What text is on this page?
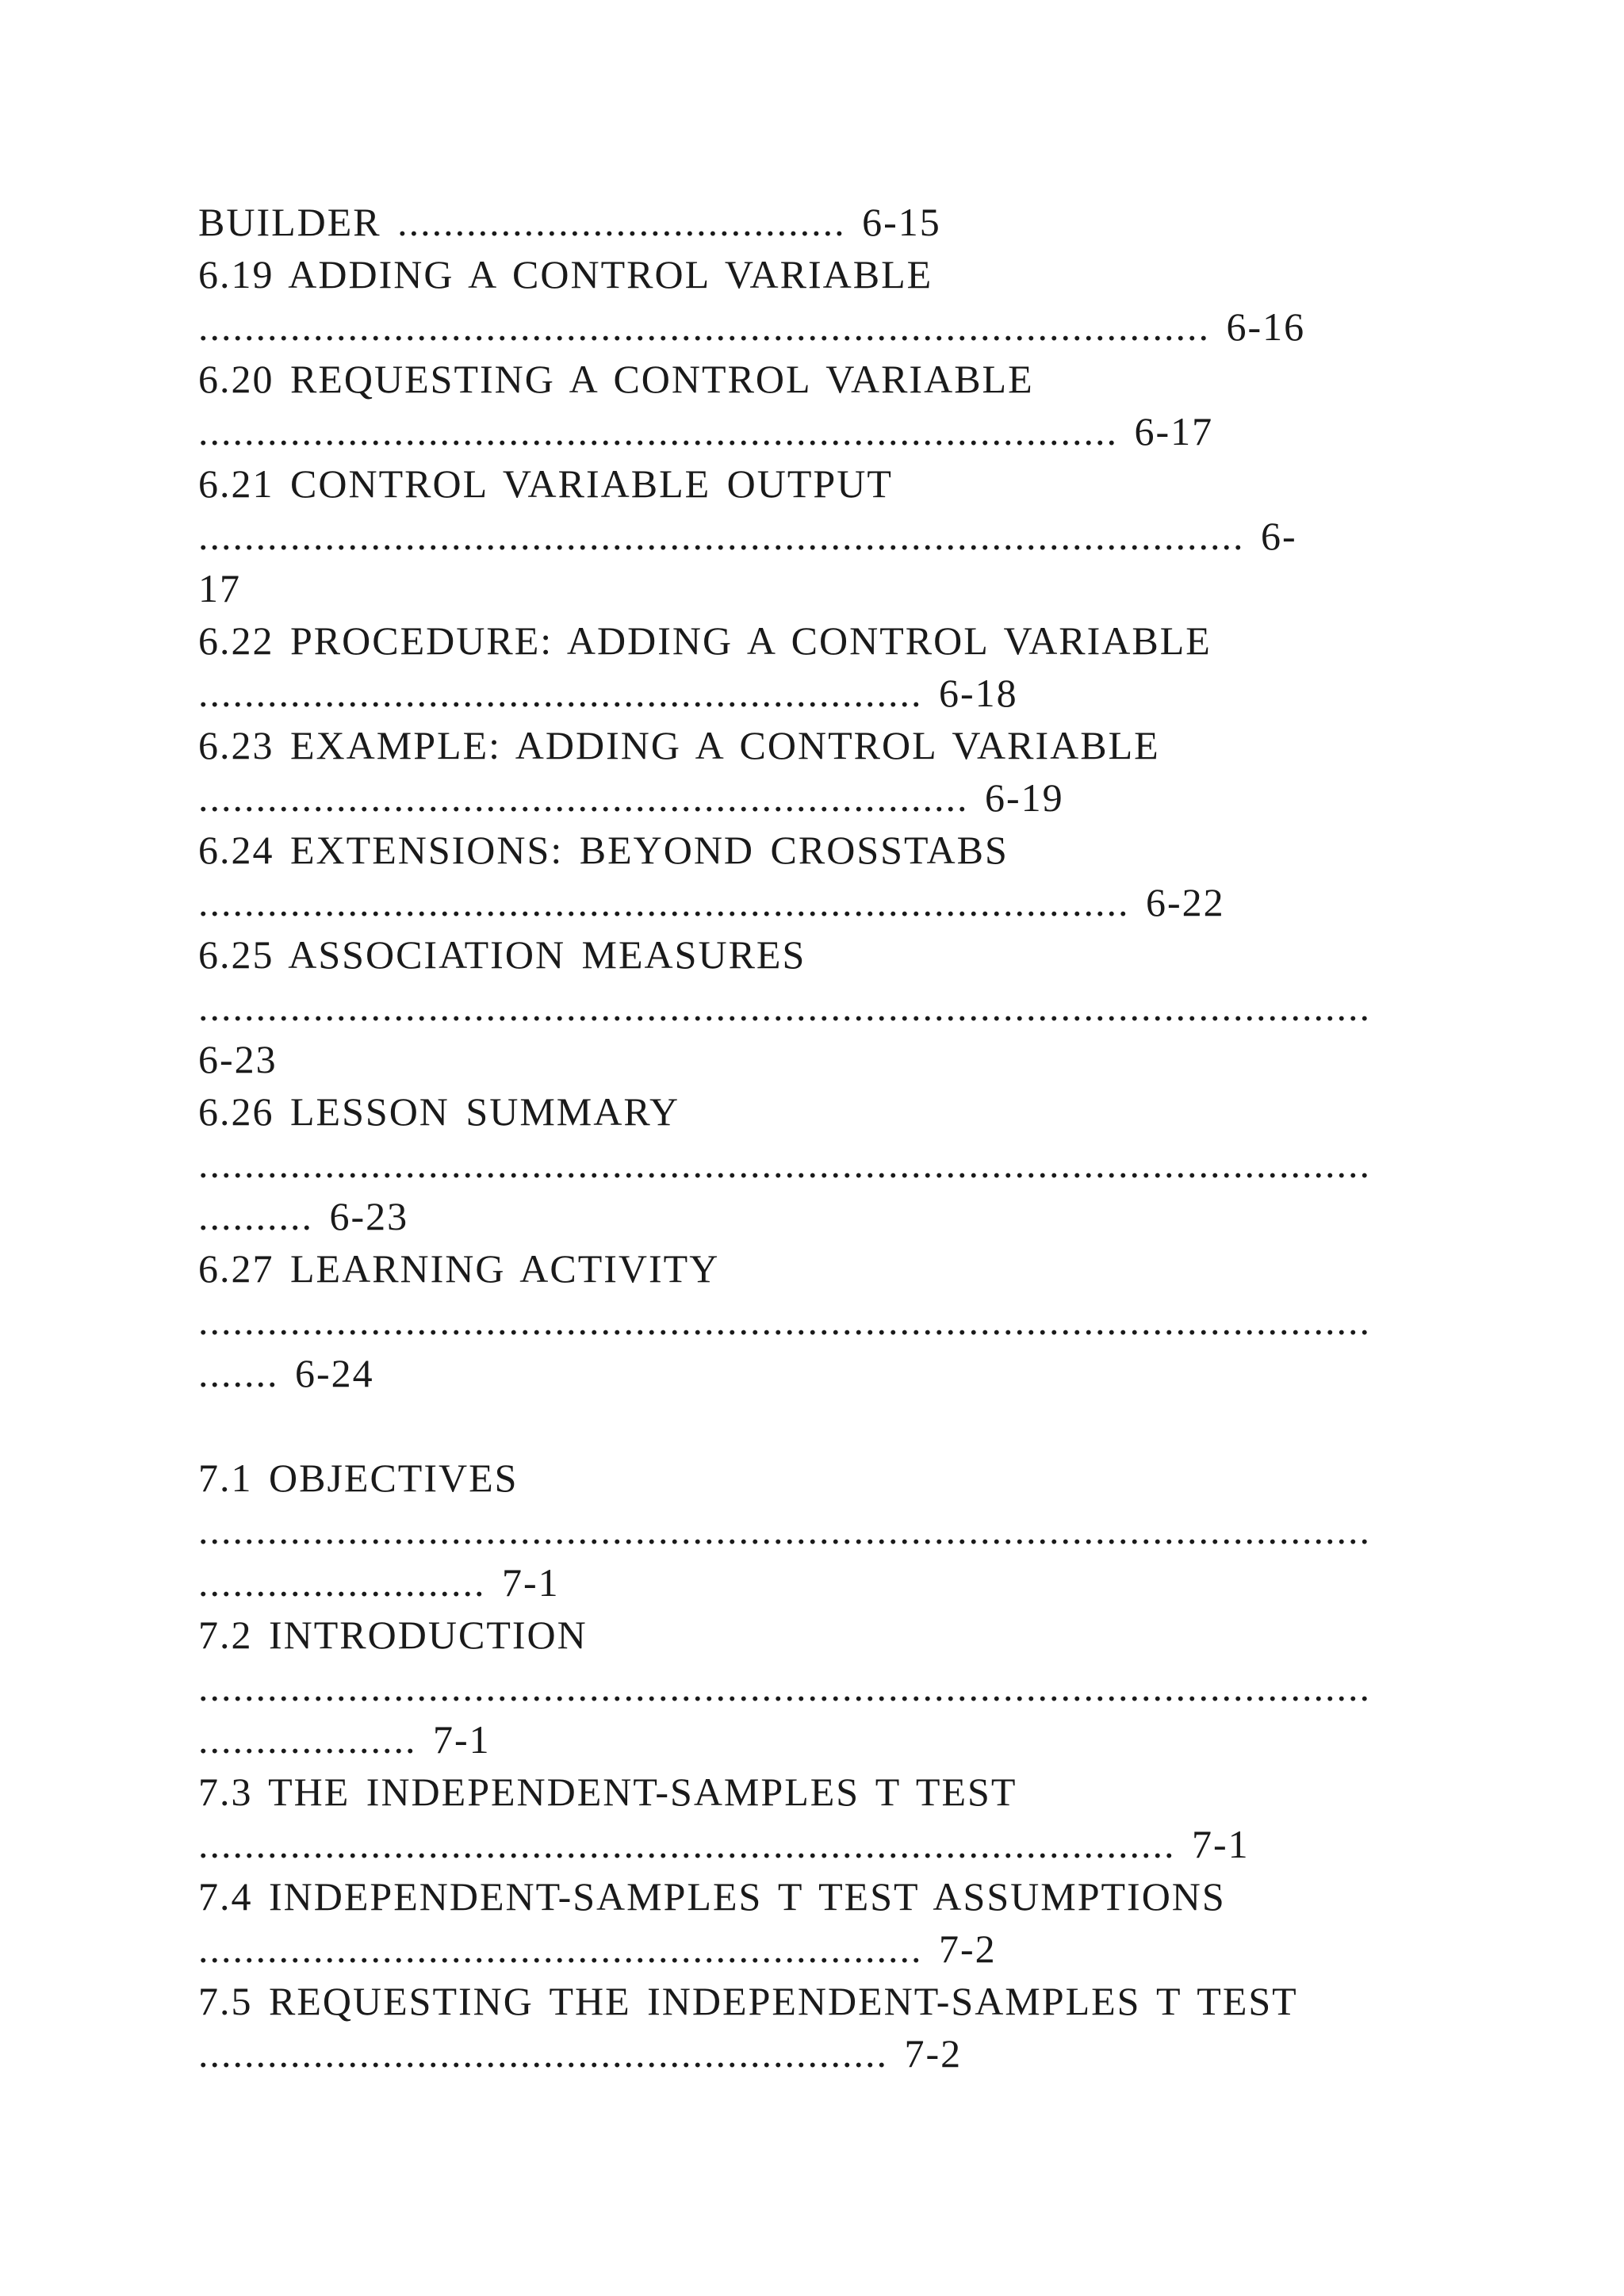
BUILDER ....................................... 6-15
6.19 ADDING A CONTROL VARIABLE
........................................................................................ 6-16
6.20 REQUESTING A CONTROL VARIABLE
................................................................................ 6-17
6.21 CONTROL VARIABLE OUTPUT
........................................................................................... 6-
17
6.22 PROCEDURE: ADDING A CONTROL VARIABLE
............................................................... 6-18
6.23 EXAMPLE: ADDING A CONTROL VARIABLE
................................................................... 6-19
6.24 EXTENSIONS: BEYOND CROSSTABS
................................................................................. 6-22
6.25 ASSOCIATION MEASURES
......................................................................................................
6-23
6.26 LESSON SUMMARY
......................................................................................................
.......... 6-23
6.27 LEARNING ACTIVITY
......................................................................................................
....... 6-24
7.1 OBJECTIVES
......................................................................................................
......................... 7-1
7.2 INTRODUCTION
......................................................................................................
................... 7-1
7.3 THE INDEPENDENT-SAMPLES T TEST
..................................................................................... 7-1
7.4 INDEPENDENT-SAMPLES T TEST ASSUMPTIONS
............................................................... 7-2
7.5 REQUESTING THE INDEPENDENT-SAMPLES T TEST
............................................................ 7-2
